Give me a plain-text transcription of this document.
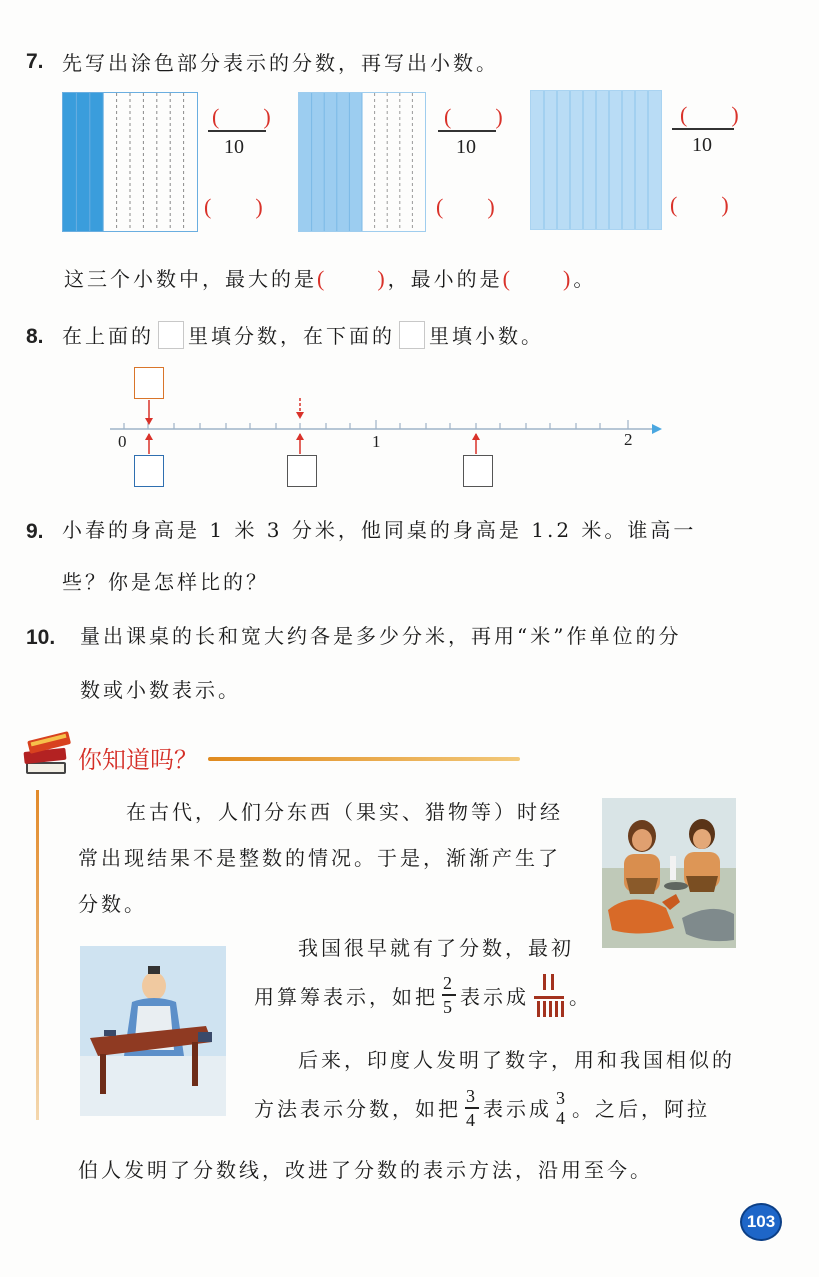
7. 先写出涂色部分表示的分数，再写出小数。
(　　)
10
(　　)
(　　)
10
(　　)
(　　)
10
(　　)
这三个小数中，最大的是(　　)，最小的是(　　)。
8. 在上面的 里填分数，在下面的 里填小数。
0	1	2
9. 小春的身高是 1 米 3 分米，他同桌的身高是 1.2 米。谁高一
些？你是怎样比的？
10. 量出课桌的长和宽大约各是多少分米，再用“米”作单位的分
数或小数表示。
你知道吗？
在古代，人们分东西（果实、猎物等）时经
常出现结果不是整数的情况。于是，渐渐产生了
分数。
我国很早就有了分数，最初
用算筹表示，如把 $\frac{2}{5}$ 表示成 。
后来，印度人发明了数字，用和我国相似的
方法表示分数，如把 $\frac{3}{4}$ 表示成 3
4 。之后，阿拉
伯人发明了分数线，改进了分数的表示方法，沿用至今。
103
